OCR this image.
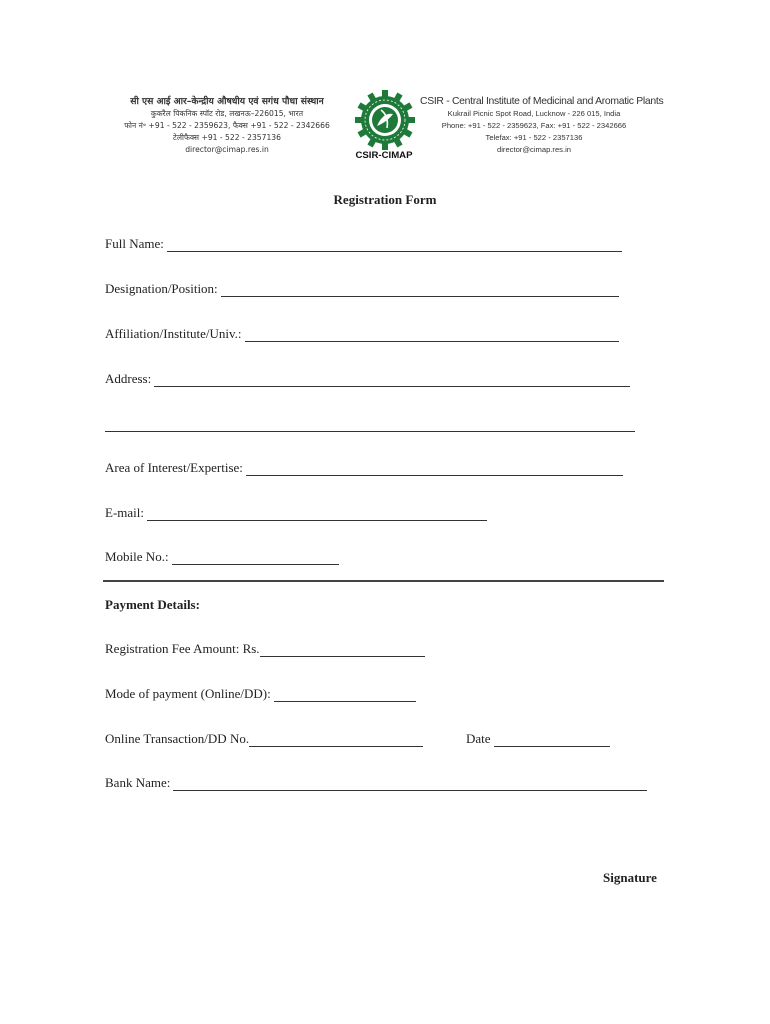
सी एस आई आर–केन्द्रीय औषधीय एवं सगंध पौधा संस्थान
कुकरैल पिकनिक स्पॉट रोड, लखनऊ–226015, भारत
फोन नं॰ +91 - 522 - 2359623, फैक्स +91 - 522 - 2342666
टेलीफैक्स +91 - 522 - 2357136
director@cimap.res.in
CSIR-CIMAP
CSIR - Central Institute of Medicinal and Aromatic Plants
Kukrail Picnic Spot Road, Lucknow - 226 015, India
Phone: +91 - 522 - 2359623, Fax: +91 - 522 - 2342666
Telefax: +91 - 522 - 2357136
director@cimap.res.in
Registration Form
Full Name:
Designation/Position:
Affiliation/Institute/Univ.:
Address:
Area of Interest/Expertise:
E-mail:
Mobile No.:
Payment Details:
Registration Fee Amount: Rs.
Mode of payment (Online/DD):
Online Transaction/DD No.	Date
Bank Name:
Signature
